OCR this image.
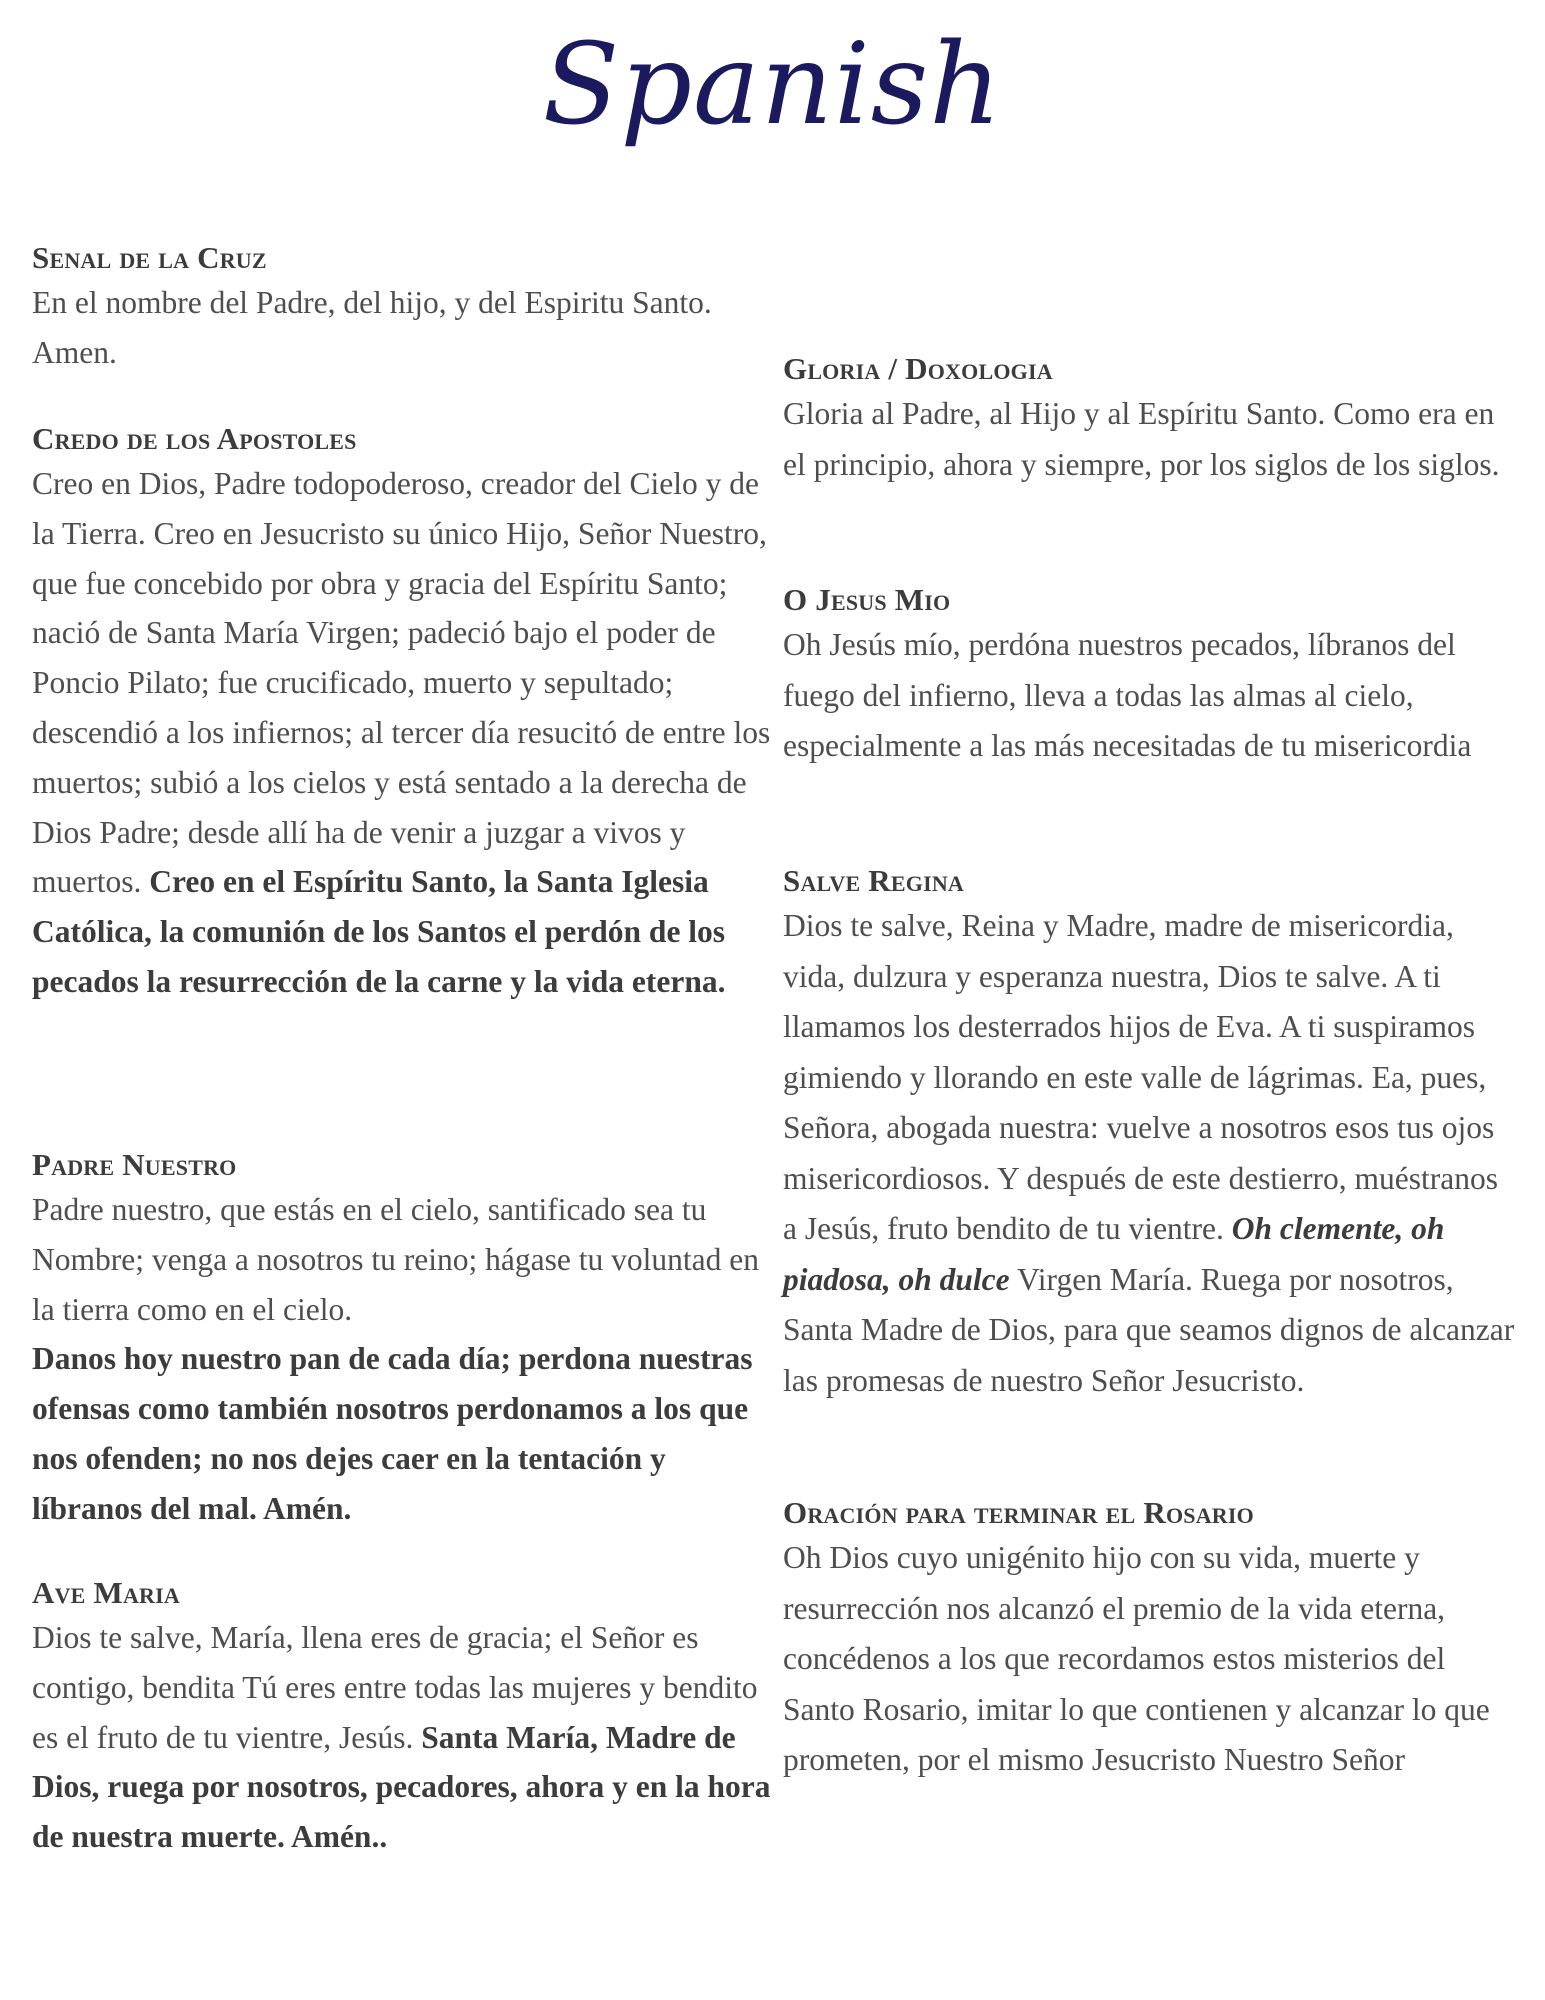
Spanish
Senal de la Cruz
En el nombre del Padre, del hijo, y del Espiritu Santo. Amen.
Credo de los Apostoles
Creo en Dios, Padre todopoderoso, creador del Cielo y de la Tierra. Creo en Jesucristo su único Hijo, Señor Nuestro, que fue concebido por obra y gracia del Espíritu Santo; nació de Santa María Virgen; padeció bajo el poder de Poncio Pilato; fue crucificado, muerto y sepultado; descendió a los infiernos; al tercer día resucitó de entre los muertos; subió a los cielos y está sentado a la derecha de Dios Padre; desde allí ha de venir a juzgar a vivos y muertos. Creo en el Espíritu Santo, la Santa Iglesia Católica, la comunión de los Santos el perdón de los pecados la resurrección de la carne y la vida eterna.
Padre Nuestro
Padre nuestro, que estás en el cielo, santificado sea tu Nombre; venga a nosotros tu reino; hágase tu voluntad en la tierra como en el cielo.
Danos hoy nuestro pan de cada día; perdona nuestras ofensas como también nosotros perdonamos a los que nos ofenden; no nos dejes caer en la tentación y líbranos del mal. Amén.
Ave Maria
Dios te salve, María, llena eres de gracia; el Señor es contigo, bendita Tú eres entre todas las mujeres y bendito es el fruto de tu vientre, Jesús. Santa María, Madre de Dios, ruega por nosotros, pecadores, ahora y en la hora de nuestra muerte. Amén..
Gloria / Doxologia
Gloria al Padre, al Hijo y al Espíritu Santo. Como era en el principio, ahora y siempre, por los siglos de los siglos.
O Jesus Mio
Oh Jesús mío, perdóna nuestros pecados, líbranos del fuego del infierno, lleva a todas las almas al cielo, especialmente a las más necesitadas de tu misericordia
Salve Regina
Dios te salve, Reina y Madre, madre de misericordia, vida, dulzura y esperanza nuestra, Dios te salve. A ti llamamos los desterrados hijos de Eva. A ti suspiramos gimiendo y llorando en este valle de lágrimas. Ea, pues, Señora, abogada nuestra: vuelve a nosotros esos tus ojos misericordiosos. Y después de este destierro, muéstranos a Jesús, fruto bendito de tu vientre. Oh clemente, oh piadosa, oh dulce Virgen María. Ruega por nosotros, Santa Madre de Dios, para que seamos dignos de alcanzar las promesas de nuestro Señor Jesucristo.
Oración para terminar el Rosario
Oh Dios cuyo unigénito hijo con su vida, muerte y resurrección nos alcanzó el premio de la vida eterna, concédenos a los que recordamos estos misterios del Santo Rosario, imitar lo que contienen y alcanzar lo que prometen, por el mismo Jesucristo Nuestro Señor
